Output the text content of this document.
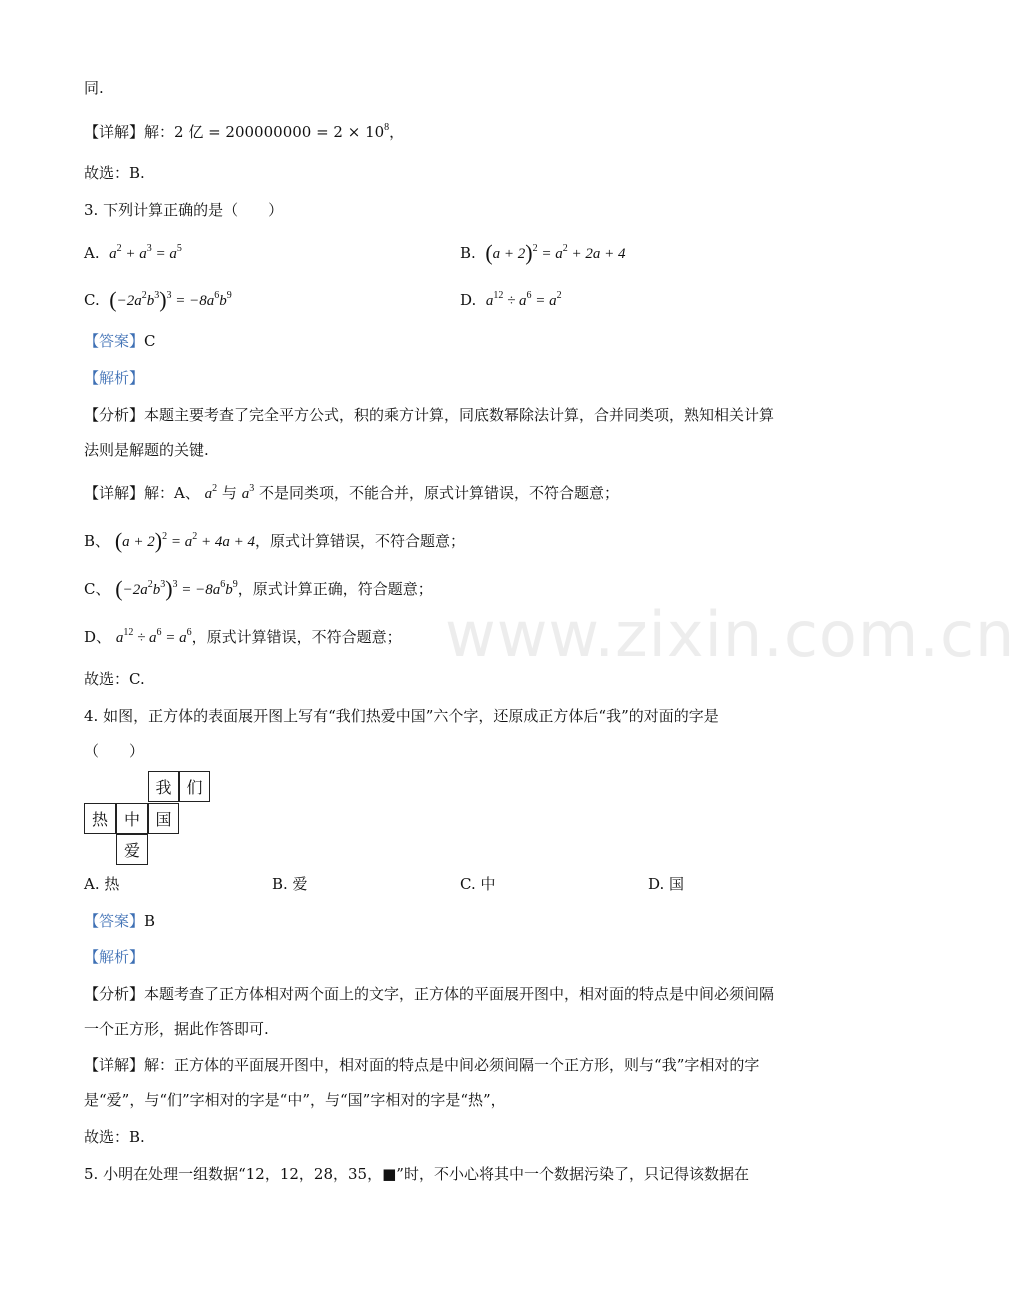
www.zixin.com.cn
同.
【详解】解：2 亿 = $200000000 = 2 \times 10^8$，
故选：B.
3. 下列计算正确的是（　　）
A. $a^2 + a^3 = a^5$	B. $(a + 2)^2 = a^2 + 2a + 4$
C. $(-2a^2b^3)^3 = -8a^6b^9$	D. $a^{12} \div a^6 = a^2$
【答案】C
【解析】
【分析】本题主要考查了完全平方公式，积的乘方计算，同底数幂除法计算，合并同类项，熟知相关计算
法则是解题的关键.
【详解】解：A、 $a^2$ 与 $a^3$ 不是同类项，不能合并，原式计算错误，不符合题意；
B、 $(a + 2)^2 = a^2 + 4a + 4$，原式计算错误，不符合题意；
C、 $(-2a^2b^3)^3 = -8a^6b^9$，原式计算正确，符合题意；
D、 $a^{12} \div a^6 = a^6$，原式计算错误，不符合题意；
故选：C.
4. 如图，正方体的表面展开图上写有“我们热爱中国”六个字，还原成正方体后“我”的对面的字是
（　　）
我 们
热 中 国
爱
A. 热	B. 爱	C. 中	D. 国
【答案】B
【解析】
【分析】本题考查了正方体相对两个面上的文字，正方体的平面展开图中，相对面的特点是中间必须间隔
一个正方形，据此作答即可.
【详解】解：正方体的平面展开图中，相对面的特点是中间必须间隔一个正方形，则与“我”字相对的字
是“爱”，与“们”字相对的字是“中”，与“国”字相对的字是“热”，
故选：B.
5. 小明在处理一组数据“12，12，28，35，■”时，不小心将其中一个数据污染了，只记得该数据在
